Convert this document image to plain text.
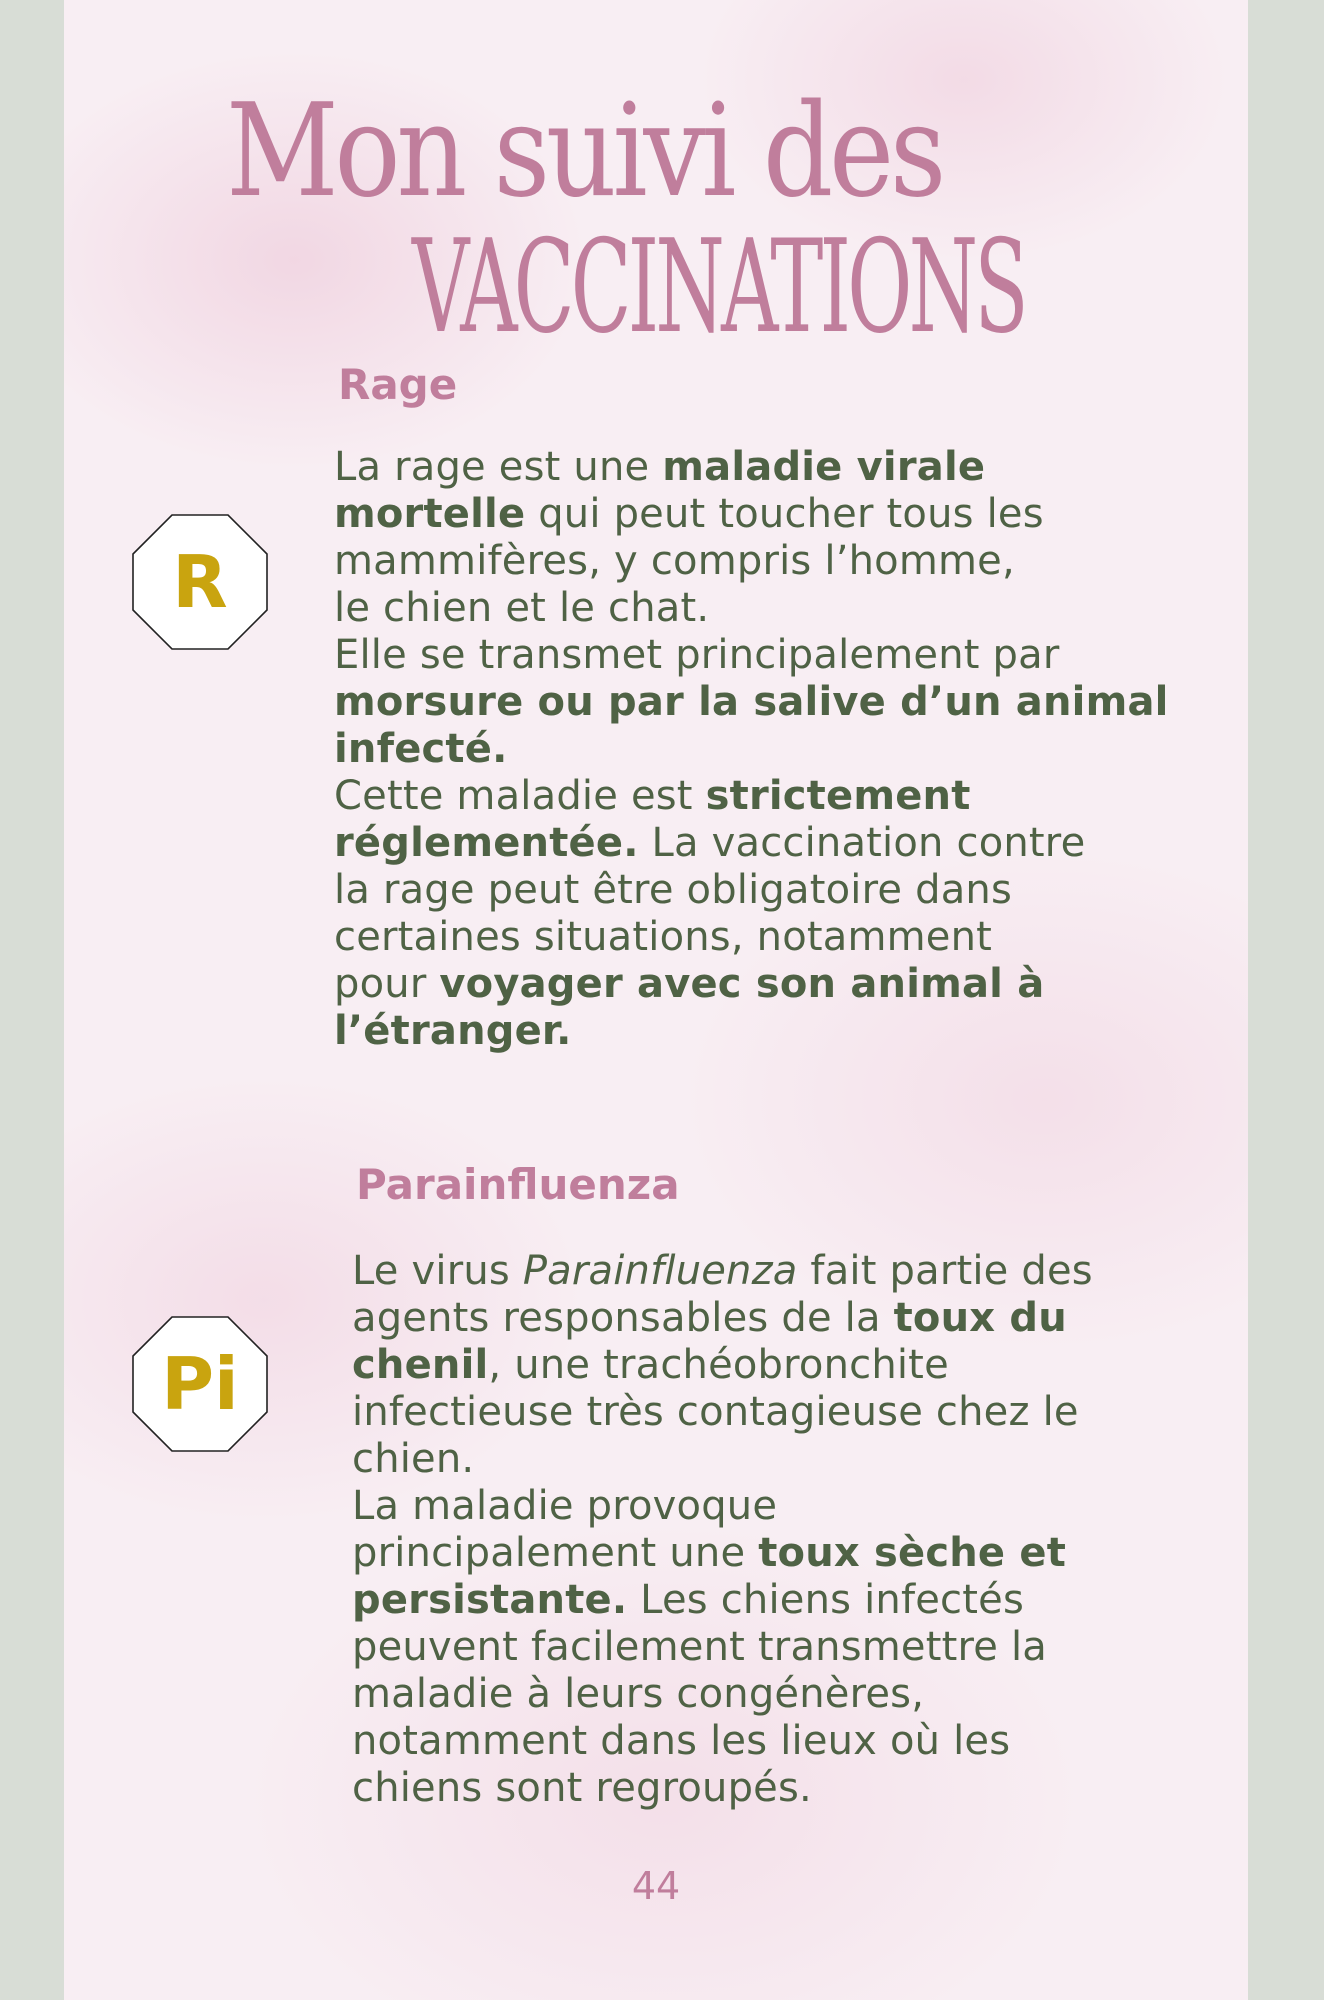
Mon suivi des
VACCINATIONS
Rage
R

La rage est une maladie virale
mortelle qui peut toucher tous les
mammifères, y compris l’homme,
le chien et le chat.
Elle se transmet principalement par
morsure ou par la salive d’un animal
infecté.
Cette maladie est strictement
réglementée. La vaccination contre
la rage peut être obligatoire dans
certaines situations, notamment
pour voyager avec son animal à
l’étranger.

Parainfluenza
Pi

Le virus Parainfluenza fait partie des
agents responsables de la toux du
chenil, une trachéobronchite
infectieuse très contagieuse chez le
chien.
La maladie provoque
principalement une toux sèche et
persistante. Les chiens infectés
peuvent facilement transmettre la
maladie à leurs congénères,
notamment dans les lieux où les
chiens sont regroupés.

44
